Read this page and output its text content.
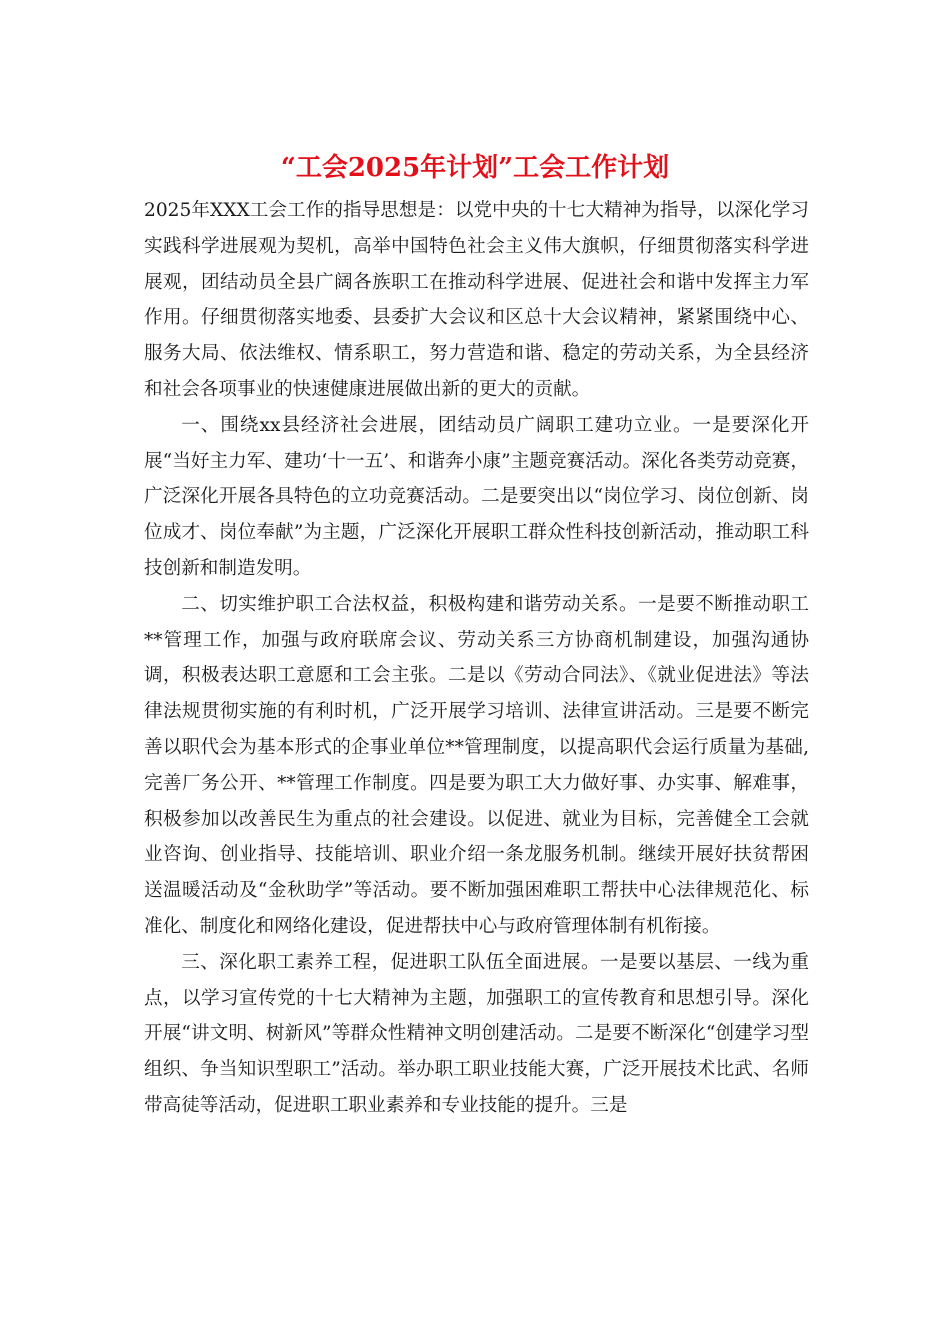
“工会2025年计划”工会工作计划

2025年XXX工会工作的指导思想是：以党中央的十七大精神为指导，以深化学习实践科学进展观为契机，高举中国特色社会主义伟大旗帜，仔细贯彻落实科学进展观，团结动员全县广阔各族职工在推动科学进展、促进社会和谐中发挥主力军作用。仔细贯彻落实地委、县委扩大会议和区总十大会议精神，紧紧围绕中心、服务大局、依法维权、情系职工，努力营造和谐、稳定的劳动关系，为全县经济和社会各项事业的快速健康进展做出新的更大的贡献。

一、围绕xx县经济社会进展，团结动员广阔职工建功立业。一是要深化开展“当好主力军、建功‘十一五’、和谐奔小康”主题竞赛活动。深化各类劳动竞赛，广泛深化开展各具特色的立功竞赛活动。二是要突出以“岗位学习、岗位创新、岗位成才、岗位奉献”为主题，广泛深化开展职工群众性科技创新活动，推动职工科技创新和制造发明。

二、切实维护职工合法权益，积极构建和谐劳动关系。一是要不断推动职工**管理工作，加强与政府联席会议、劳动关系三方协商机制建设，加强沟通协调，积极表达职工意愿和工会主张。二是以《劳动合同法》、《就业促进法》等法律法规贯彻实施的有利时机，广泛开展学习培训、法律宣讲活动。三是要不断完善以职代会为基本形式的企事业单位**管理制度，以提高职代会运行质量为基础,完善厂务公开、**管理工作制度。四是要为职工大力做好事、办实事、解难事，积极参加以改善民生为重点的社会建设。以促进、就业为目标，完善健全工会就业咨询、创业指导、技能培训、职业介绍一条龙服务机制。继续开展好扶贫帮困送温暖活动及“金秋助学”等活动。要不断加强困难职工帮扶中心法律规范化、标准化、制度化和网络化建设，促进帮扶中心与政府管理体制有机衔接。

三、深化职工素养工程，促进职工队伍全面进展。一是要以基层、一线为重点，以学习宣传党的十七大精神为主题，加强职工的宣传教育和思想引导。深化开展“讲文明、树新风”等群众性精神文明创建活动。二是要不断深化“创建学习型组织、争当知识型职工”活动。举办职工职业技能大赛，广泛开展技术比武、名师带高徒等活动，促进职工职业素养和专业技能的提升。三是
